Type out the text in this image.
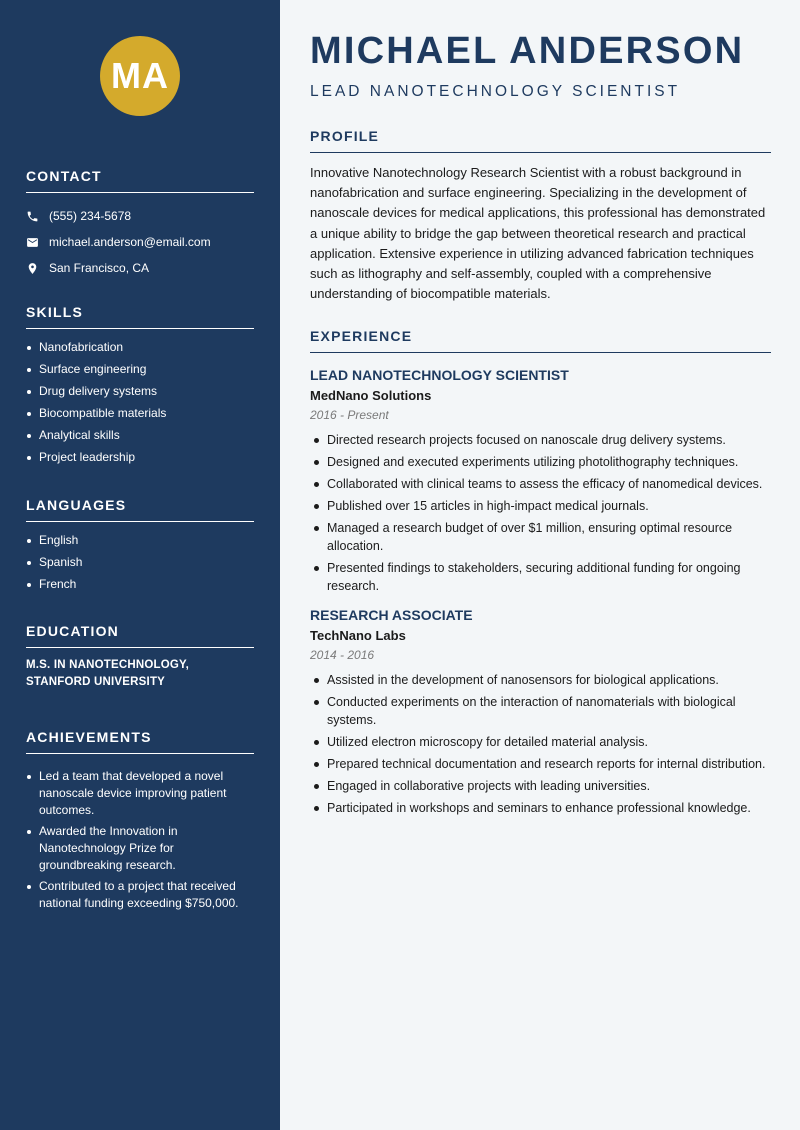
MA
CONTACT
(555) 234-5678
michael.anderson@email.com
San Francisco, CA
SKILLS
Nanofabrication
Surface engineering
Drug delivery systems
Biocompatible materials
Analytical skills
Project leadership
LANGUAGES
English
Spanish
French
EDUCATION
M.S. IN NANOTECHNOLOGY, STANFORD UNIVERSITY
ACHIEVEMENTS
Led a team that developed a novel nanoscale device improving patient outcomes.
Awarded the Innovation in Nanotechnology Prize for groundbreaking research.
Contributed to a project that received national funding exceeding $750,000.
MICHAEL ANDERSON
LEAD NANOTECHNOLOGY SCIENTIST
PROFILE

Innovative Nanotechnology Research Scientist with a robust background in nanofabrication and surface engineering. Specializing in the development of nanoscale devices for medical applications, this professional has demonstrated a unique ability to bridge the gap between theoretical research and practical application. Extensive experience in utilizing advanced fabrication techniques such as lithography and self-assembly, coupled with a comprehensive understanding of biocompatible materials.

EXPERIENCE

LEAD NANOTECHNOLOGY SCIENTIST

MedNano Solutions

2016 - Present

Directed research projects focused on nanoscale drug delivery systems.
Designed and executed experiments utilizing photolithography techniques.
Collaborated with clinical teams to assess the efficacy of nanomedical devices.
Published over 15 articles in high-impact medical journals.
Managed a research budget of over $1 million, ensuring optimal resource allocation.
Presented findings to stakeholders, securing additional funding for ongoing research.

RESEARCH ASSOCIATE

TechNano Labs

2014 - 2016

Assisted in the development of nanosensors for biological applications.
Conducted experiments on the interaction of nanomaterials with biological systems.
Utilized electron microscopy for detailed material analysis.
Prepared technical documentation and research reports for internal distribution.
Engaged in collaborative projects with leading universities.
Participated in workshops and seminars to enhance professional knowledge.
